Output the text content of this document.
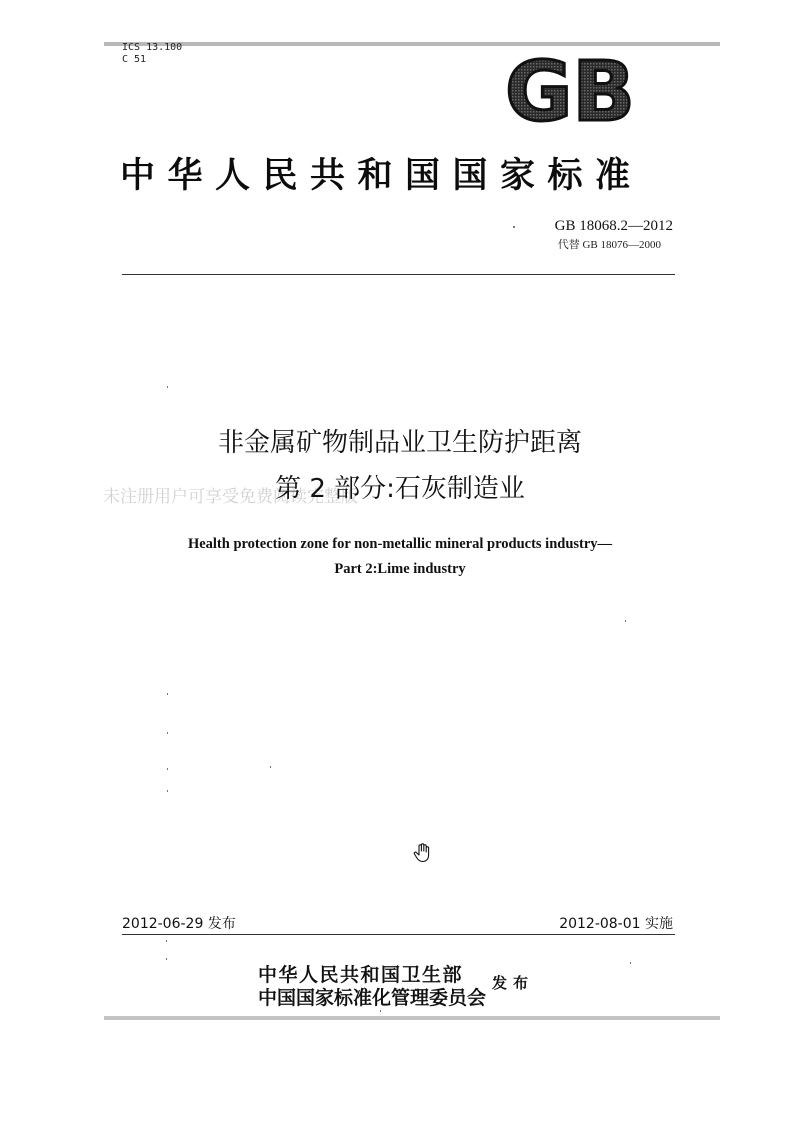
ICS 13.100
C 51	GB
中华人民共和国国家标准
GB 18068.2—2012
代替 GB 18076—2000
非金属矿物制品业卫生防护距离
未注册用户可享受免费阅读完整版
第 2 部分:石灰制造业
Health protection zone for non-metallic mineral products industry—
Part 2:Lime industry
2012-06-29 发布	2012-08-01 实施
中华人民共和国卫生部
中国国家标准化管理委员会
发布
